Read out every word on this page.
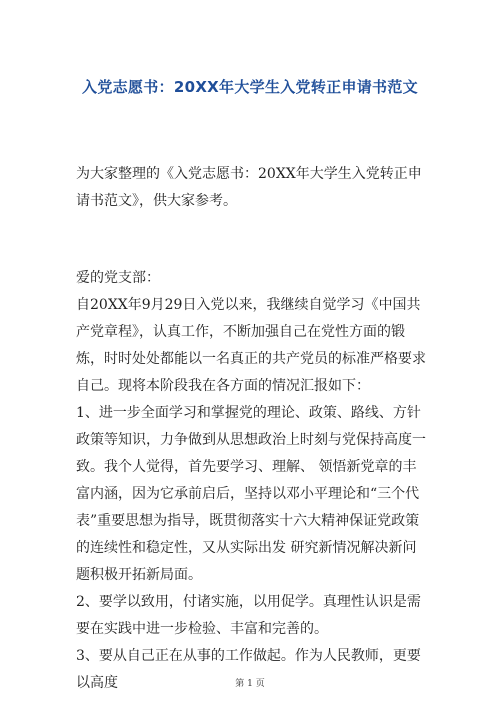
入党志愿书：20XX年大学生入党转正申请书范文

为大家整理的《入党志愿书：20XX年大学生入党转正申请书范文》，供大家参考。

爱的党支部：

自20XX年9月29日入党以来，我继续自觉学习《中国共产党章程》，认真工作，不断加强自己在党性方面的锻炼，时时处处都能以一名真正的共产党员的标准严格要求自己。现将本阶段我在各方面的情况汇报如下：

1、进一步全面学习和掌握党的理论、政策、路线、方针政策等知识，力争做到从思想政治上时刻与党保持高度一致。我个人觉得，首先要学习、理解、 领悟新党章的丰富内涵，因为它承前启后，坚持以邓小平理论和“三个代表”重要思想为指导，既贯彻落实十六大精神保证党政策的连续性和稳定性，又从实际出发 研究新情况解决新问题积极开拓新局面。

2、要学以致用，付诸实施，以用促学。真理性认识是需要在实践中进一步检验、丰富和完善的。

3、要从自己正在从事的工作做起。作为人民教师，更要以高度	第 1 页
